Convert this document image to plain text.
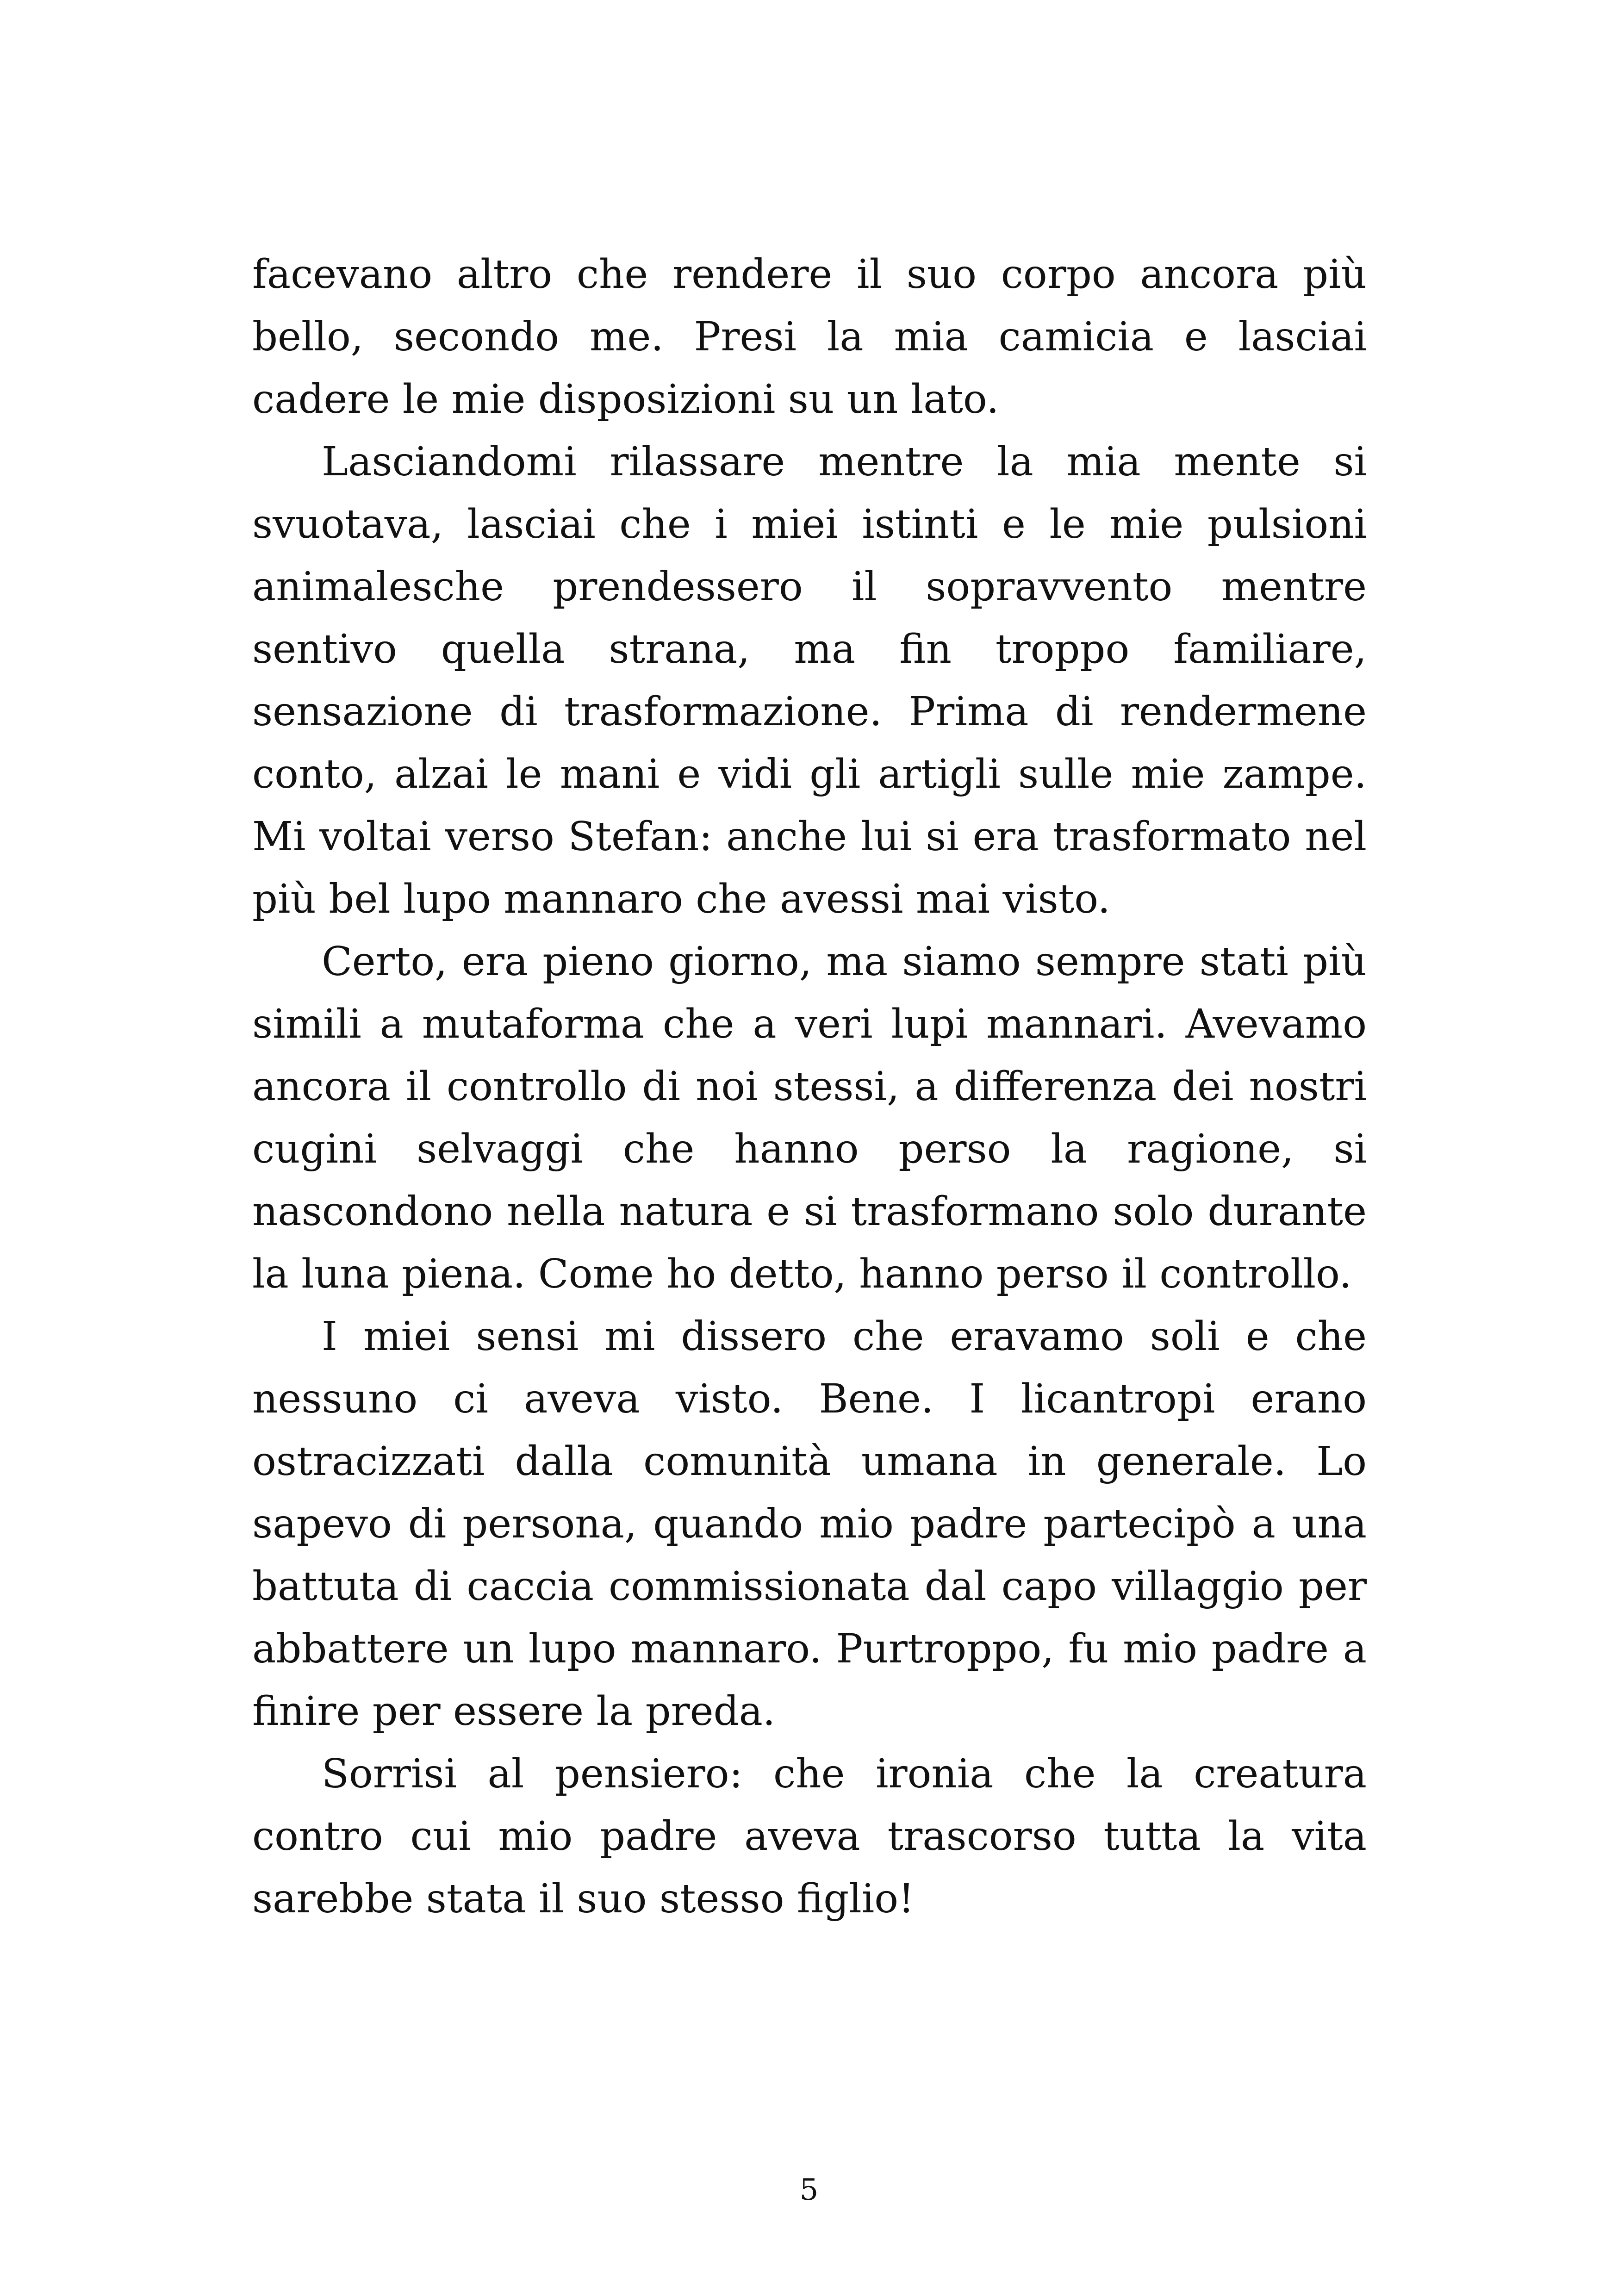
facevano altro che rendere il suo corpo ancora più bello, secondo me. Presi la mia camicia e lasciai cadere le mie disposizioni su un lato.

Lasciandomi rilassare mentre la mia mente si svuotava, lasciai che i miei istinti e le mie pulsioni animalesche prendessero il sopravvento mentre sentivo quella strana, ma fin troppo familiare, sensazione di trasformazione. Prima di rendermene conto, alzai le mani e vidi gli artigli sulle mie zampe. Mi voltai verso Stefan: anche lui si era trasformato nel più bel lupo mannaro che avessi mai visto.

Certo, era pieno giorno, ma siamo sempre stati più simili a mutaforma che a veri lupi mannari. Avevamo ancora il controllo di noi stessi, a differenza dei nostri cugini selvaggi che hanno perso la ragione, si nascondono nella natura e si trasformano solo durante la luna piena. Come ho detto, hanno perso il controllo.

I miei sensi mi dissero che eravamo soli e che nessuno ci aveva visto. Bene. I licantropi erano ostracizzati dalla comunità umana in generale. Lo sapevo di persona, quando mio padre partecipò a una battuta di caccia commissionata dal capo villaggio per abbattere un lupo mannaro. Purtroppo, fu mio padre a finire per essere la preda.

Sorrisi al pensiero: che ironia che la creatura contro cui mio padre aveva trascorso tutta la vita sarebbe stata il suo stesso figlio!

5
